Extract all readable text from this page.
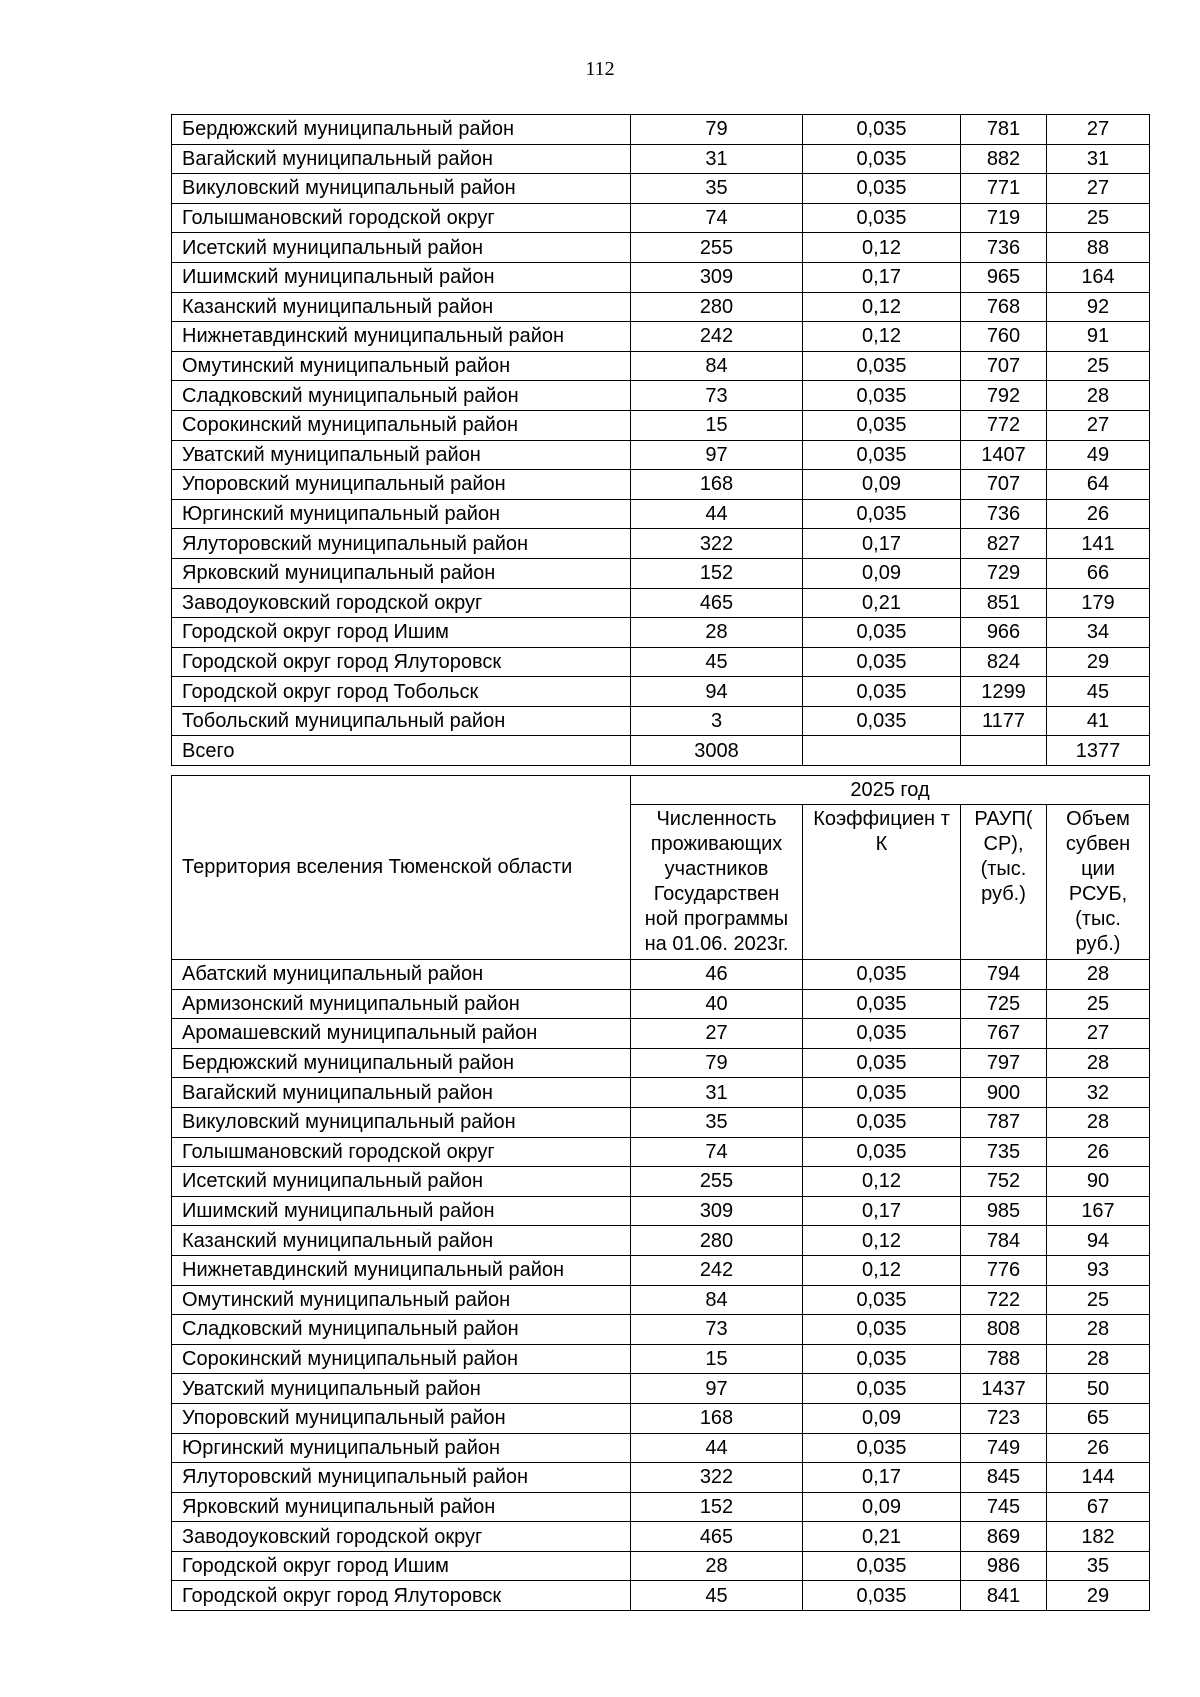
112
Бердюжский муниципальный район	79	0,035	781	27
Вагайский муниципальный район	31	0,035	882	31
Викуловский муниципальный район	35	0,035	771	27
Голышмановский городской округ	74	0,035	719	25
Исетский муниципальный район	255	0,12	736	88
Ишимский муниципальный район	309	0,17	965	164
Казанский муниципальный район	280	0,12	768	92
Нижнетавдинский муниципальный район	242	0,12	760	91
Омутинский муниципальный район	84	0,035	707	25
Сладковский муниципальный район	73	0,035	792	28
Сорокинский муниципальный район	15	0,035	772	27
Уватский муниципальный район	97	0,035	1407	49
Упоровский муниципальный район	168	0,09	707	64
Юргинский муниципальный район	44	0,035	736	26
Ялуторовский муниципальный район	322	0,17	827	141
Ярковский муниципальный район	152	0,09	729	66
Заводоуковский городской округ	465	0,21	851	179
Городской округ город Ишим	28	0,035	966	34
Городской округ город Ялуторовск	45	0,035	824	29
Городской округ город Тобольск	94	0,035	1299	45
Тобольский муниципальный район	3	0,035	1177	41
Всего	3008			1377
Территория вселения Тюменской области	2025 год			
	Численность проживающих участников Государствен ной программы на 01.06. 2023г.	Коэффициен т К	РАУП( СР), (тыс. руб.)	Объем субвен ции РСУБ, (тыс. руб.)
Абатский муниципальный район	46	0,035	794	28
Армизонский муниципальный район	40	0,035	725	25
Аромашевский муниципальный район	27	0,035	767	27
Бердюжский муниципальный район	79	0,035	797	28
Вагайский муниципальный район	31	0,035	900	32
Викуловский муниципальный район	35	0,035	787	28
Голышмановский городской округ	74	0,035	735	26
Исетский муниципальный район	255	0,12	752	90
Ишимский муниципальный район	309	0,17	985	167
Казанский муниципальный район	280	0,12	784	94
Нижнетавдинский муниципальный район	242	0,12	776	93
Омутинский муниципальный район	84	0,035	722	25
Сладковский муниципальный район	73	0,035	808	28
Сорокинский муниципальный район	15	0,035	788	28
Уватский муниципальный район	97	0,035	1437	50
Упоровский муниципальный район	168	0,09	723	65
Юргинский муниципальный район	44	0,035	749	26
Ялуторовский муниципальный район	322	0,17	845	144
Ярковский муниципальный район	152	0,09	745	67
Заводоуковский городской округ	465	0,21	869	182
Городской округ город Ишим	28	0,035	986	35
Городской округ город Ялуторовск	45	0,035	841	29
